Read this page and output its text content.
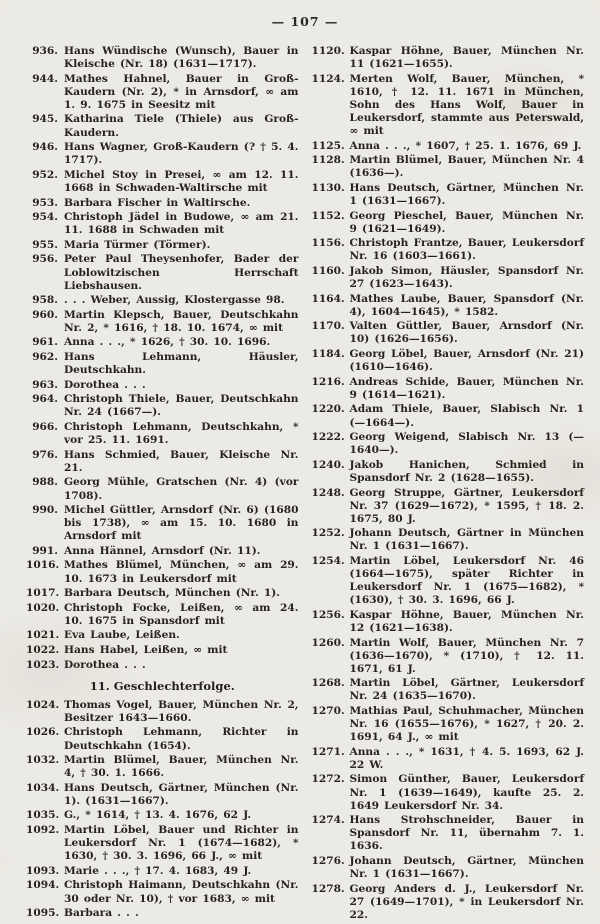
— 107 —
936. Hans Wündische (Wunsch), Bauer in Kleische (Nr. 18) (1631—1717).
944. Mathes Hahnel, Bauer in Groß-Kaudern (Nr. 2), * in Arnsdorf, ∞ am 1. 9. 1675 in Seesitz mit
945. Katharina Tiele (Thiele) aus Groß-Kaudern.
946. Hans Wagner, Groß-Kaudern (? † 5. 4. 1717).
952. Michel Stoy in Presei, ∞ am 12. 11. 1668 in Schwaden-Waltirsche mit
953. Barbara Fischer in Waltirsche.
954. Christoph Jädel in Budowe, ∞ am 21. 11. 1688 in Schwaden mit
955. Maria Türmer (Törmer).
956. Peter Paul Theysenhofer, Bader der Loblowitzischen Herrschaft Liebshausen.
958. . . . Weber, Aussig, Klostergasse 98.
960. Martin Klepsch, Bauer, Deutschkahn Nr. 2, * 1616, † 18. 10. 1674, ∞ mit
961. Anna . . ., * 1626, † 30. 10. 1696.
962. Hans Lehmann, Häusler, Deutschkahn.
963. Dorothea . . .
964. Christoph Thiele, Bauer, Deutschkahn Nr. 24 (1667—).
966. Christoph Lehmann, Deutschkahn, * vor 25. 11. 1691.
976. Hans Schmied, Bauer, Kleische Nr. 21.
988. Georg Mühle, Gratschen (Nr. 4) (vor 1708).
990. Michel Güttler, Arnsdorf (Nr. 6) (1680 bis 1738), ∞ am 15. 10. 1680 in Arnsdorf mit
991. Anna Hännel, Arnsdorf (Nr. 11).
1016. Mathes Blümel, München, ∞ am 29. 10. 1673 in Leukersdorf mit
1017. Barbara Deutsch, München (Nr. 1).
1020. Christoph Focke, Leißen, ∞ am 24. 10. 1675 in Spansdorf mit
1021. Eva Laube, Leißen.
1022. Hans Habel, Leißen, ∞ mit
1023. Dorothea . . .
11. Geschlechterfolge.
1024. Thomas Vogel, Bauer, München Nr. 2, Besitzer 1643—1660.
1026. Christoph Lehmann, Richter in Deutschkahn (1654).
1032. Martin Blümel, Bauer, München Nr. 4, † 30. 1. 1666.
1034. Hans Deutsch, Gärtner, München (Nr. 1). (1631—1667).
1035. G., * 1614, † 13. 4. 1676, 62 J.
1092. Martin Löbel, Bauer und Richter in Leukersdorf Nr. 1 (1674—1682), * 1630, † 30. 3. 1696, 66 J., ∞ mit
1093. Marie . . ., † 17. 4. 1683, 49 J.
1094. Christoph Haimann, Deutschkahn (Nr. 30 oder Nr. 10), † vor 1683, ∞ mit
1095. Barbara . . .
1120. Kaspar Höhne, Bauer, München Nr. 11 (1621—1655).
1124. Merten Wolf, Bauer, München, * 1610, † 12. 11. 1671 in München, Sohn des Hans Wolf, Bauer in Leukersdorf, stammte aus Peterswald, ∞ mit
1125. Anna . . ., * 1607, † 25. 1. 1676, 69 J.
1128. Martin Blümel, Bauer, München Nr. 4 (1636—).
1130. Hans Deutsch, Gärtner, München Nr. 1 (1631—1667).
1152. Georg Pieschel, Bauer, München Nr. 9 (1621—1649).
1156. Christoph Frantze, Bauer, Leukersdorf Nr. 16 (1603—1661).
1160. Jakob Simon, Häusler, Spansdorf Nr. 27 (1623—1643).
1164. Mathes Laube, Bauer, Spansdorf (Nr. 4), 1604—1645), * 1582.
1170. Valten Güttler, Bauer, Arnsdorf (Nr. 10) (1626—1656).
1184. Georg Löbel, Bauer, Arnsdorf (Nr. 21) (1610—1646).
1216. Andreas Schide, Bauer, München Nr. 9 (1614—1621).
1220. Adam Thiele, Bauer, Slabisch Nr. 1 (—1664—).
1222. Georg Weigend, Slabisch Nr. 13 (—1640—).
1240. Jakob Hanichen, Schmied in Spansdorf Nr. 2 (1628—1655).
1248. Georg Struppe, Gärtner, Leukersdorf Nr. 37 (1629—1672), * 1595, † 18. 2. 1675, 80 J.
1252. Johann Deutsch, Gärtner in München Nr. 1 (1631—1667).
1254. Martin Löbel, Leukersdorf Nr. 46 (1664—1675), später Richter in Leukersdorf Nr. 1 (1675—1682), * (1630), † 30. 3. 1696, 66 J.
1256. Kaspar Höhne, Bauer, München Nr. 12 (1621—1638).
1260. Martin Wolf, Bauer, München Nr. 7 (1636—1670), * (1710), † 12. 11. 1671, 61 J.
1268. Martin Löbel, Gärtner, Leukersdorf Nr. 24 (1635—1670).
1270. Mathias Paul, Schuhmacher, München Nr. 16 (1655—1676), * 1627, † 20. 2. 1691, 64 J., ∞ mit
1271. Anna . . ., * 1631, † 4. 5. 1693, 62 J. 22 W.
1272. Simon Günther, Bauer, Leukersdorf Nr. 1 (1639—1649), kaufte 25. 2. 1649 Leukersdorf Nr. 34.
1274. Hans Strohschneider, Bauer in Spansdorf Nr. 11, übernahm 7. 1. 1636.
1276. Johann Deutsch, Gärtner, München Nr. 1 (1631—1667).
1278. Georg Anders d. J., Leukersdorf Nr. 27 (1649—1701), * in Leukersdorf Nr. 22.
